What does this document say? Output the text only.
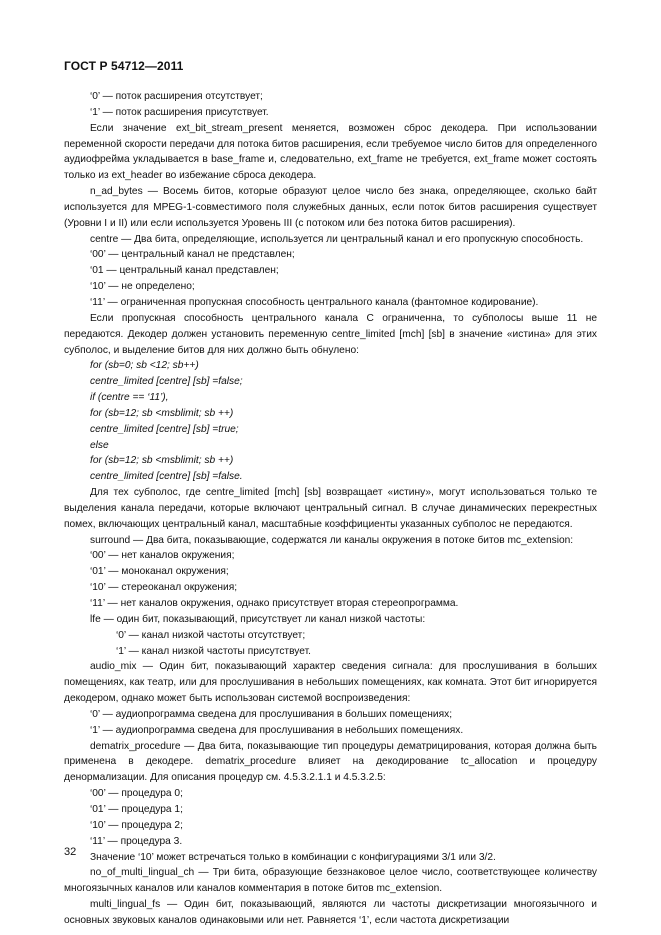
ГОСТ Р 54712—2011

‘0’ — поток расширения отсутствует;

‘1’ — поток расширения присутствует.

Если значение ext_bit_stream_present меняется, возможен сброс декодера. При использовании переменной скорости передачи для потока битов расширения, если требуемое число битов для определенного аудиофрейма укладывается в base_frame и, следовательно, ext_frame не требуется, ext_frame может состоять только из ext_header во избежание сброса декодера.

n_ad_bytes — Восемь битов, которые образуют целое число без знака, определяющее, сколько байт используется для MPEG-1-совместимого поля служебных данных, если поток битов расширения существует (Уровни I и II) или если используется Уровень III (с потоком или без потока битов расширения).

centre — Два бита, определяющие, используется ли центральный канал и его пропускную способность.

‘00’ — центральный канал не представлен;

‘01 — центральный канал представлен;

‘10’ — не определено;

‘11’ — ограниченная пропускная способность центрального канала (фантомное кодирование).

Если пропускная способность центрального канала С ограниченна, то субполосы выше 11 не передаются. Декодер должен установить переменную centre_limited [mch] [sb] в значение «истина» для этих субполос, и выделение битов для них должно быть обнулено:

for (sb=0; sb <12; sb++)

centre_limited [centre] [sb] =false;

if (centre == ‘11’),

for (sb=12; sb <msblimit; sb ++)

centre_limited [centre] [sb] =true;

else

for (sb=12; sb <msblimit; sb ++)

centre_limited [centre] [sb] =false.

Для тех субполос, где centre_limited [mch] [sb] возвращает «истину», могут использоваться только те выделения канала передачи, которые включают центральный сигнал. В случае динамических перекрестных помех, включающих центральный канал, масштабные коэффициенты указанных субполос не передаются.

surround — Два бита, показывающие, содержатся ли каналы окружения в потоке битов mc_extension:

‘00’ — нет каналов окружения;

‘01’ — моноканал окружения;

‘10’ — стереоканал окружения;

‘11’ — нет каналов окружения, однако присутствует вторая стереопрограмма.

lfe — один бит, показывающий, присутствует ли канал низкой частоты:

‘0’ — канал низкой частоты отсутствует;

‘1’ — канал низкой частоты присутствует.

audio_mix — Один бит, показывающий характер сведения сигнала: для прослушивания в больших помещениях, как театр, или для прослушивания в небольших помещениях, как комната. Этот бит игнорируется декодером, однако может быть использован системой воспроизведения:

‘0’ — аудиопрограмма сведена для прослушивания в больших помещениях;

‘1’ — аудиопрограмма сведена для прослушивания в небольших помещениях.

dematrix_procedure — Два бита, показывающие тип процедуры дематрицирования, которая должна быть применена в декодере. dematrix_procedure влияет на декодирование tc_allocation и процедуру денормализации. Для описания процедур см. 4.5.3.2.1.1 и 4.5.3.2.5:

‘00’ — процедура 0;

‘01’ — процедура 1;

‘10’ — процедура 2;

‘11’ — процедура 3.

Значение ‘10’ может встречаться только в комбинации с конфигурациями 3/1 или 3/2.

no_of_multi_lingual_ch — Три бита, образующие беззнаковое целое число, соответствующее количеству многоязычных каналов или каналов комментария в потоке битов mc_extension.

multi_lingual_fs — Один бит, показывающий, являются ли частоты дискретизации многоязычного и основных звуковых каналов одинаковыми или нет. Равняется ‘1’, если частота дискретизации

32
